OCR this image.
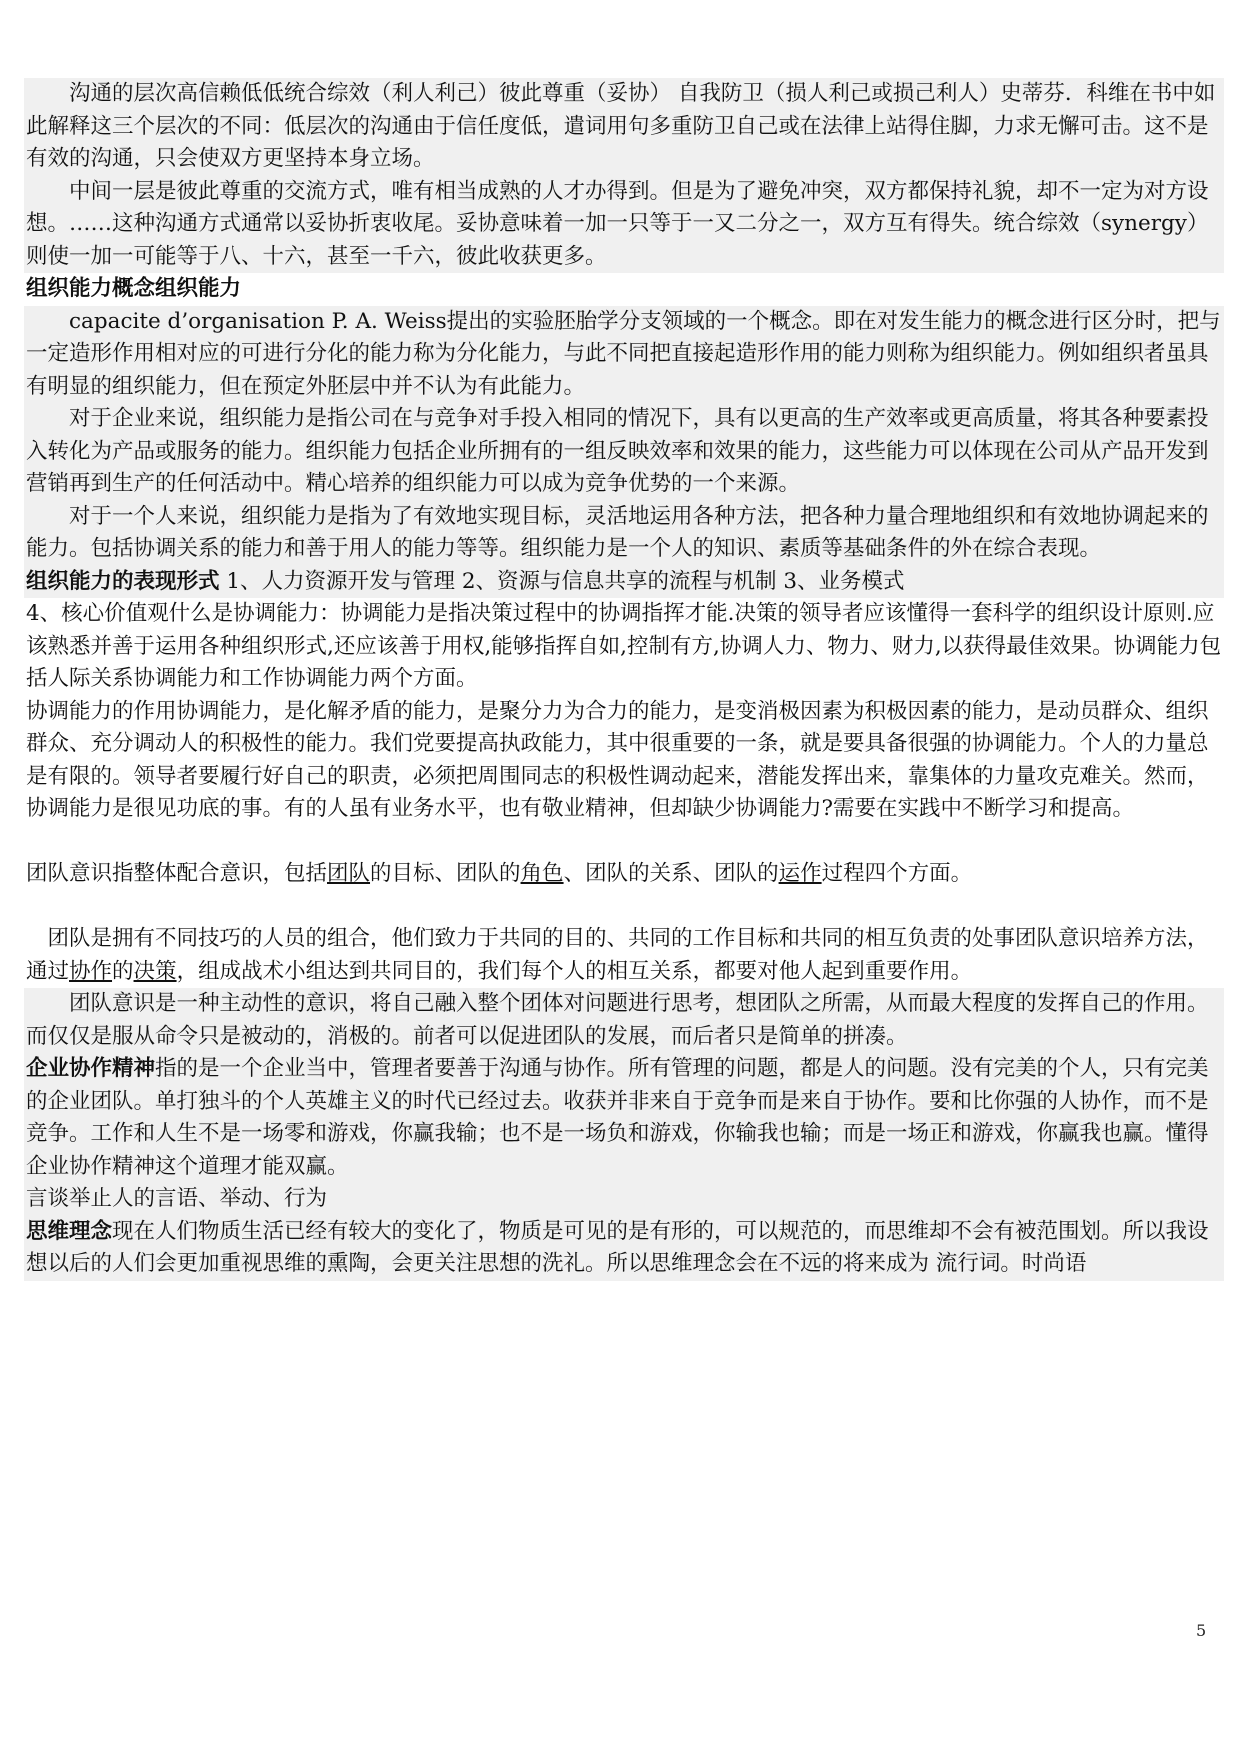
沟通的层次高信赖低低统合综效（利人利己）彼此尊重（妥协） 自我防卫（损人利己或损己利人）史蒂芬．科维在书中如此解释这三个层次的不同：低层次的沟通由于信任度低，遣词用句多重防卫自己或在法律上站得住脚，力求无懈可击。这不是有效的沟通，只会使双方更坚持本身立场。

中间一层是彼此尊重的交流方式，唯有相当成熟的人才办得到。但是为了避免冲突，双方都保持礼貌，却不一定为对方设想。……这种沟通方式通常以妥协折衷收尾。妥协意味着一加一只等于一又二分之一，双方互有得失。统合综效（synergy）则使一加一可能等于八、十六，甚至一千六，彼此收获更多。

组织能力概念组织能力

capacite d’organisation P. A. Weiss提出的实验胚胎学分支领域的一个概念。即在对发生能力的概念进行区分时，把与一定造形作用相对应的可进行分化的能力称为分化能力，与此不同把直接起造形作用的能力则称为组织能力。例如组织者虽具有明显的组织能力，但在预定外胚层中并不认为有此能力。

对于企业来说，组织能力是指公司在与竞争对手投入相同的情况下，具有以更高的生产效率或更高质量，将其各种要素投入转化为产品或服务的能力。组织能力包括企业所拥有的一组反映效率和效果的能力，这些能力可以体现在公司从产品开发到营销再到生产的任何活动中。精心培养的组织能力可以成为竞争优势的一个来源。

对于一个人来说，组织能力是指为了有效地实现目标，灵活地运用各种方法，把各种力量合理地组织和有效地协调起来的能力。包括协调关系的能力和善于用人的能力等等。组织能力是一个人的知识、素质等基础条件的外在综合表现。

组织能力的表现形式 1、人力资源开发与管理 2、资源与信息共享的流程与机制 3、业务模式

4、核心价值观什么是协调能力：协调能力是指决策过程中的协调指挥才能.决策的领导者应该懂得一套科学的组织设计原则.应该熟悉并善于运用各种组织形式,还应该善于用权,能够指挥自如,控制有方,协调人力、物力、财力,以获得最佳效果。协调能力包括人际关系协调能力和工作协调能力两个方面。

协调能力的作用协调能力，是化解矛盾的能力，是聚分力为合力的能力，是变消极因素为积极因素的能力，是动员群众、组织群众、充分调动人的积极性的能力。我们党要提高执政能力，其中很重要的一条，就是要具备很强的协调能力。个人的力量总是有限的。领导者要履行好自己的职责，必须把周围同志的积极性调动起来，潜能发挥出来，靠集体的力量攻克难关。然而，协调能力是很见功底的事。有的人虽有业务水平，也有敬业精神，但却缺少协调能力?需要在实践中不断学习和提高。

团队意识指整体配合意识，包括团队的目标、团队的角色、团队的关系、团队的运作过程四个方面。

团队是拥有不同技巧的人员的组合，他们致力于共同的目的、共同的工作目标和共同的相互负责的处事团队意识培养方法，通过协作的决策，组成战术小组达到共同目的，我们每个人的相互关系，都要对他人起到重要作用。

团队意识是一种主动性的意识，将自己融入整个团体对问题进行思考，想团队之所需，从而最大程度的发挥自己的作用。而仅仅是服从命令只是被动的，消极的。前者可以促进团队的发展，而后者只是简单的拼凑。

企业协作精神指的是一个企业当中，管理者要善于沟通与协作。所有管理的问题，都是人的问题。没有完美的个人，只有完美的企业团队。单打独斗的个人英雄主义的时代已经过去。收获并非来自于竞争而是来自于协作。要和比你强的人协作，而不是竞争。工作和人生不是一场零和游戏，你赢我输；也不是一场负和游戏，你输我也输；而是一场正和游戏，你赢我也赢。懂得企业协作精神这个道理才能双赢。

言谈举止人的言语、举动、行为

思维理念现在人们物质生活已经有较大的变化了，物质是可见的是有形的，可以规范的，而思维却不会有被范围划。所以我设想以后的人们会更加重视思维的熏陶，会更关注思想的洗礼。所以思维理念会在不远的将来成为 流行词。时尚语

5
